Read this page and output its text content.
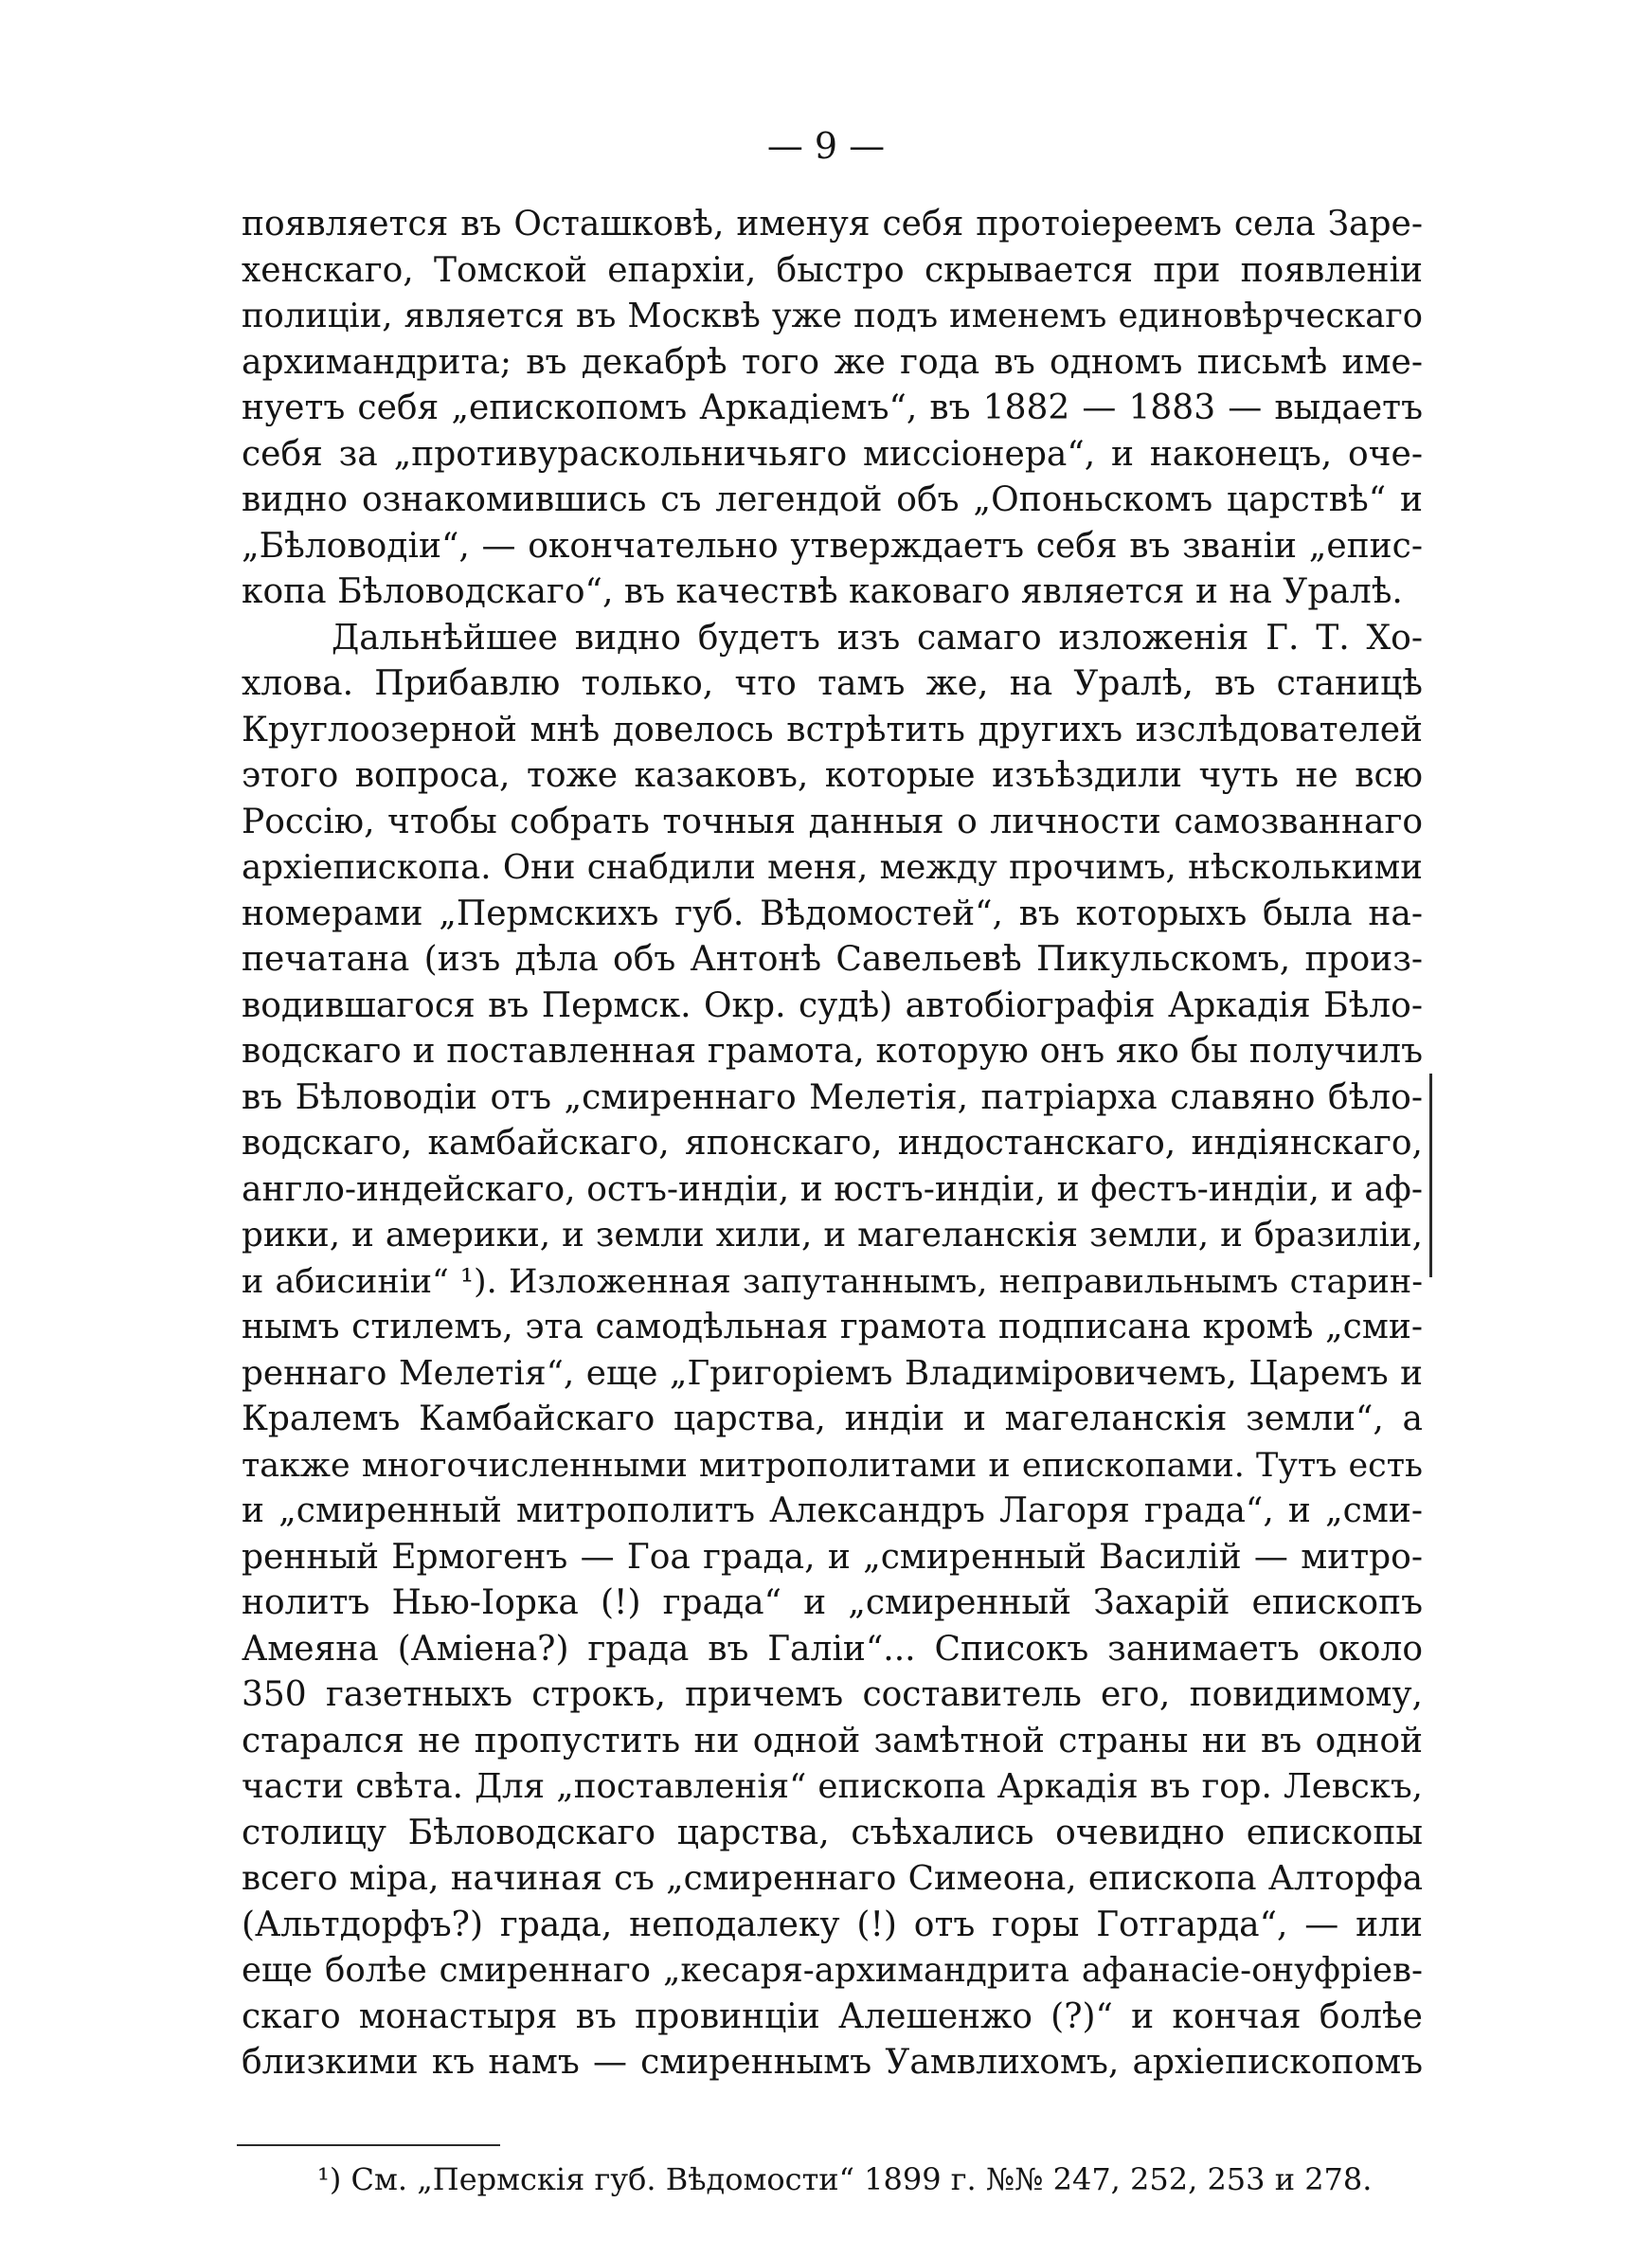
— 9 —
появляется въ Осташковѣ, именуя себя протоіереемъ села Заре-
хенскаго, Томской епархіи, быстро скрывается при появленіи
полиціи, является въ Москвѣ уже подъ именемъ единовѣрческаго
архимандрита; въ декабрѣ того же года въ одномъ письмѣ име-
нуетъ себя „епископомъ Аркадіемъ“, въ 1882 — 1883 — выдаетъ
себя за „противураскольничьяго миссіонера“, и наконецъ, оче-
видно ознакомившись съ легендой объ „Опоньскомъ царствѣ“ и
„Бѣловодіи“, — окончательно утверждаетъ себя въ званіи „епис-
копа Бѣловодскаго“, въ качествѣ каковаго является и на Уралѣ.
Дальнѣйшее видно будетъ изъ самаго изложенія Г. Т. Хо-
хлова. Прибавлю только, что тамъ же, на Уралѣ, въ станицѣ
Круглоозерной мнѣ довелось встрѣтить другихъ изслѣдователей
этого вопроса, тоже казаковъ, которые изъѣздили чуть не всю
Россію, чтобы собрать точныя данныя о личности самозваннаго
архіепископа. Они снабдили меня, между прочимъ, нѣсколькими
номерами „Пермскихъ губ. Вѣдомостей“, въ которыхъ была на-
печатана (изъ дѣла объ Антонѣ Савельевѣ Пикульскомъ, произ-
водившагося въ Пермск. Окр. судѣ) автобіографія Аркадія Бѣло-
водскаго и поставленная грамота, которую онъ яко бы получилъ
въ Бѣловодіи отъ „смиреннаго Мелетія, патріарха славяно бѣло-
водскаго, камбайскаго, японскаго, индостанскаго, индіянскаго,
англо-индейскаго, остъ-индіи, и юстъ-индіи, и фестъ-индіи, и аф-
рики, и америки, и земли хили, и магеланскія земли, и бразиліи,
и абисиніи“ ¹). Изложенная запутаннымъ, неправильнымъ старин-
нымъ стилемъ, эта самодѣльная грамота подписана кромѣ „сми-
реннаго Мелетія“, еще „Григоріемъ Владиміровичемъ, Царемъ и
Кралемъ Камбайскаго царства, индіи и магеланскія земли“, а
также многочисленными митрополитами и епископами. Тутъ есть
и „смиренный митрополитъ Александръ Лагоря града“, и „сми-
ренный Ермогенъ — Гоа града, и „смиренный Василій — митро-
нолитъ Нью-Іорка (!) града“ и „смиренный Захарій епископъ
Амеяна (Аміена?) града въ Галіи“... Списокъ занимаетъ около
350 газетныхъ строкъ, причемъ составитель его, повидимому,
старался не пропустить ни одной замѣтной страны ни въ одной
части свѣта. Для „поставленія“ епископа Аркадія въ гор. Левскъ,
столицу Бѣловодскаго царства, съѣхались очевидно епископы
всего міра, начиная съ „смиреннаго Симеона, епископа Алторфа
(Альтдорфъ?) града, неподалеку (!) отъ горы Готгарда“, — или
еще болѣе смиреннаго „кесаря-архимандрита афанасіе-онуфріев-
скаго монастыря въ провинціи Алешенжо (?)“ и кончая болѣе
близкими къ намъ — смиреннымъ Уамвлихомъ, архіепископомъ
¹) См. „Пермскія губ. Вѣдомости“ 1899 г. №№ 247, 252, 253 и 278.
